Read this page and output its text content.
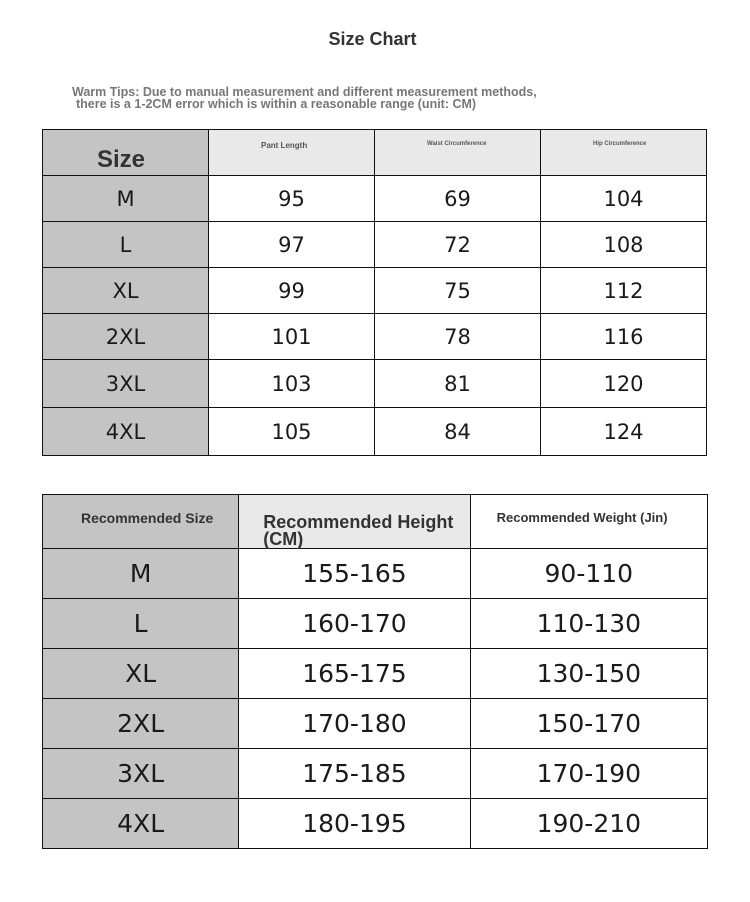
Size Chart
Warm Tips: Due to manual measurement and different measurement methods,
there is a 1-2CM error which is within a reasonable range (unit: CM)
Size	Pant Length	Waist Circumference	Hip Circumference
M	95	69	104
L	97	72	108
XL	99	75	112
2XL	101	78	116
3XL	103	81	120
4XL	105	84	124
Recommended Size	Recommended Height (CM)	Recommended Weight (Jin)
M	155-165	90-110
L	160-170	110-130
XL	165-175	130-150
2XL	170-180	150-170
3XL	175-185	170-190
4XL	180-195	190-210
